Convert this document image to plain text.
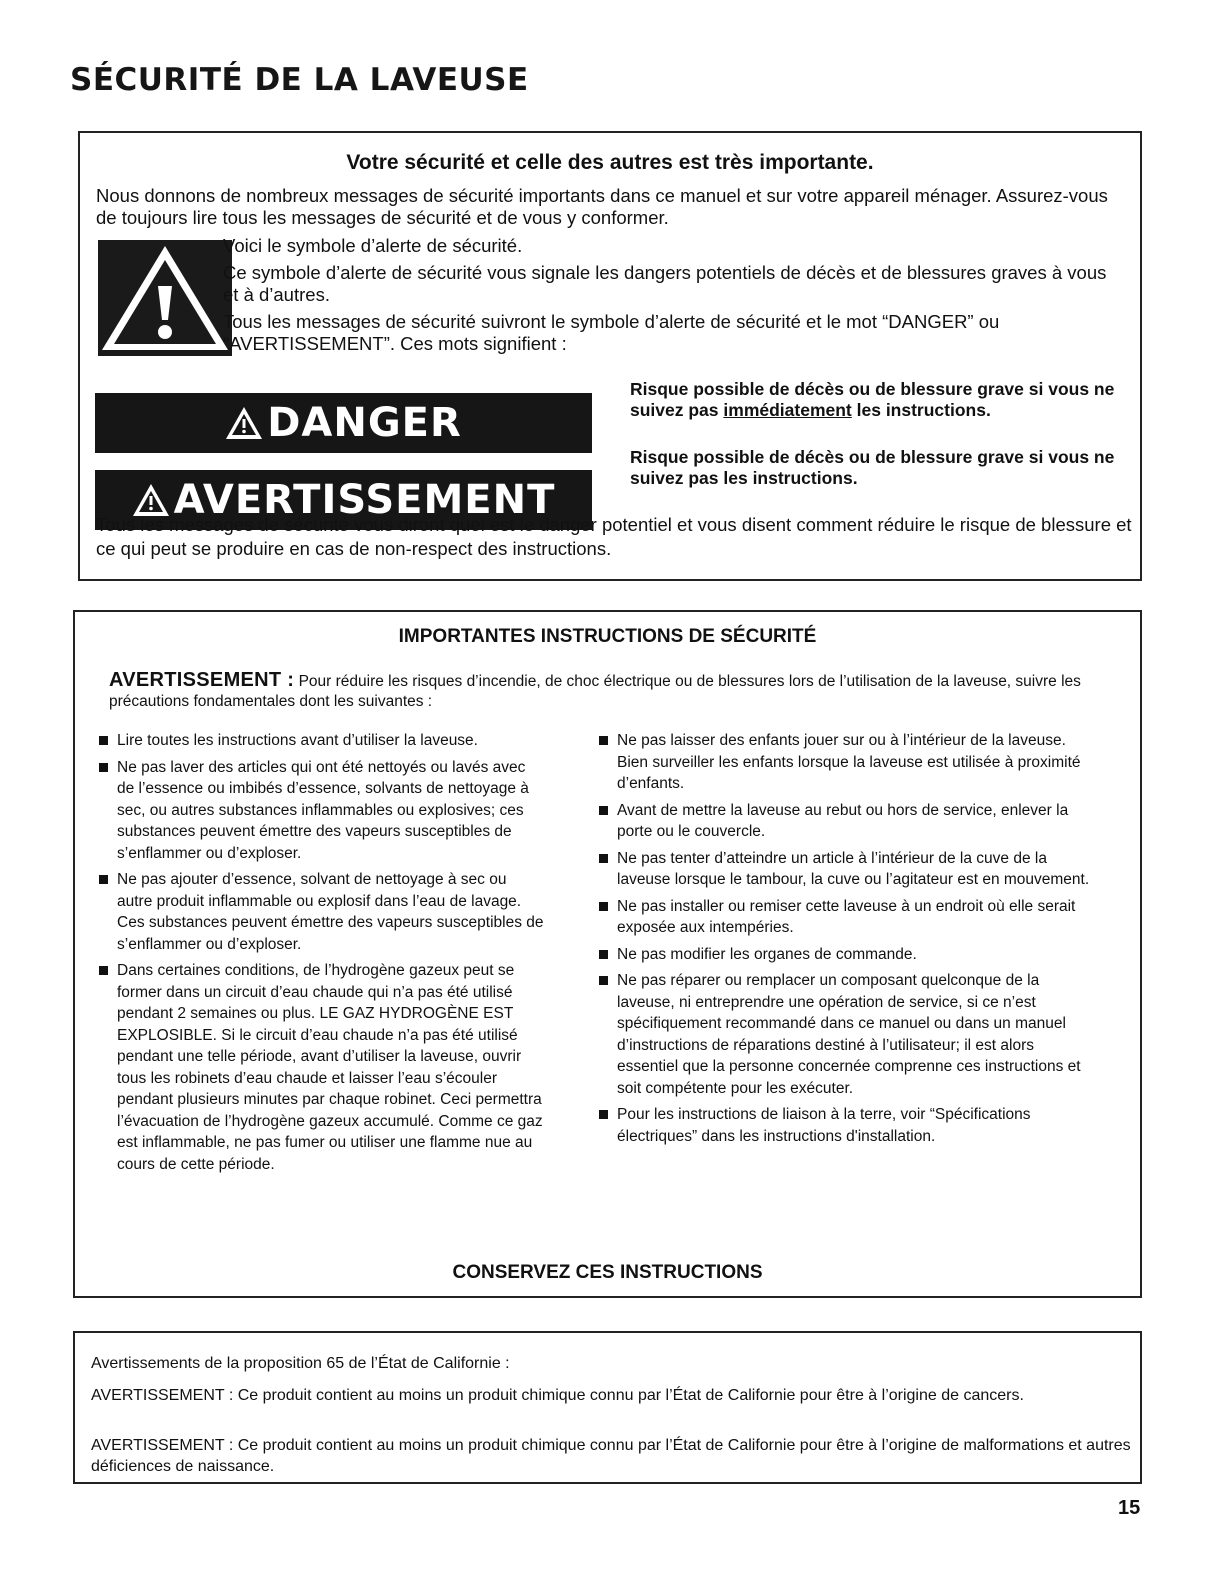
SÉCURITÉ DE LA LAVEUSE
Votre sécurité et celle des autres est très importante.
Nous donnons de nombreux messages de sécurité importants dans ce manuel et sur votre appareil ménager. Assurez-vous de toujours lire tous les messages de sécurité et de vous y conformer.

Voici le symbole d’alerte de sécurité.

Ce symbole d’alerte de sécurité vous signale les dangers potentiels de décès et de blessures graves à vous et à d’autres.

Tous les messages de sécurité suivront le symbole d’alerte de sécurité et le mot “DANGER” ou “AVERTISSEMENT”. Ces mots signifient :

DANGER
Risque possible de décès ou de blessure grave si vous ne suivez pas immédiatement les instructions.
AVERTISSEMENT
Risque possible de décès ou de blessure grave si vous ne suivez pas les instructions.
Tous les messages de sécurité vous diront quel est le danger potentiel et vous disent comment réduire le risque de blessure et ce qui peut se produire en cas de non-respect des instructions.
IMPORTANTES INSTRUCTIONS DE SÉCURITÉ
AVERTISSEMENT : Pour réduire les risques d’incendie, de choc électrique ou de blessures lors de l’utilisation de la laveuse, suivre les précautions fondamentales dont les suivantes :
Lire toutes les instructions avant d’utiliser la laveuse.
Ne pas laver des articles qui ont été nettoyés ou lavés avec de l’essence ou imbibés d’essence, solvants de nettoyage à sec, ou autres substances inflammables ou explosives; ces substances peuvent émettre des vapeurs susceptibles de s’enflammer ou d’exploser.
Ne pas ajouter d’essence, solvant de nettoyage à sec ou autre produit inflammable ou explosif dans l’eau de lavage. Ces substances peuvent émettre des vapeurs susceptibles de s’enflammer ou d’exploser.
Dans certaines conditions, de l’hydrogène gazeux peut se former dans un circuit d’eau chaude qui n’a pas été utilisé pendant 2 semaines ou plus. LE GAZ HYDROGÈNE EST EXPLOSIBLE. Si le circuit d’eau chaude n’a pas été utilisé pendant une telle période, avant d’utiliser la laveuse, ouvrir tous les robinets d’eau chaude et laisser l’eau s’écouler pendant plusieurs minutes par chaque robinet. Ceci permettra l’évacuation de l’hydrogène gazeux accumulé. Comme ce gaz est inflammable, ne pas fumer ou utiliser une flamme nue au cours de cette période.
Ne pas laisser des enfants jouer sur ou à l’intérieur de la laveuse. Bien surveiller les enfants lorsque la laveuse est utilisée à proximité d’enfants.
Avant de mettre la laveuse au rebut ou hors de service, enlever la porte ou le couvercle.
Ne pas tenter d’atteindre un article à l’intérieur de la cuve de la laveuse lorsque le tambour, la cuve ou l’agitateur est en mouvement.
Ne pas installer ou remiser cette laveuse à un endroit où elle serait exposée aux intempéries.
Ne pas modifier les organes de commande.
Ne pas réparer ou remplacer un composant quelconque de la laveuse, ni entreprendre une opération de service, si ce n’est spécifiquement recommandé dans ce manuel ou dans un manuel d’instructions de réparations destiné à l’utilisateur; il est alors essentiel que la personne concernée comprenne ces instructions et soit compétente pour les exécuter.
Pour les instructions de liaison à la terre, voir “Spécifications électriques” dans les instructions d'installation.
CONSERVEZ CES INSTRUCTIONS

Avertissements de la proposition 65 de l’État de Californie :

AVERTISSEMENT : Ce produit contient au moins un produit chimique connu par l’État de Californie pour être à l’origine de cancers.

AVERTISSEMENT : Ce produit contient au moins un produit chimique connu par l’État de Californie pour être à l’origine de malformations et autres déficiences de naissance.

15
